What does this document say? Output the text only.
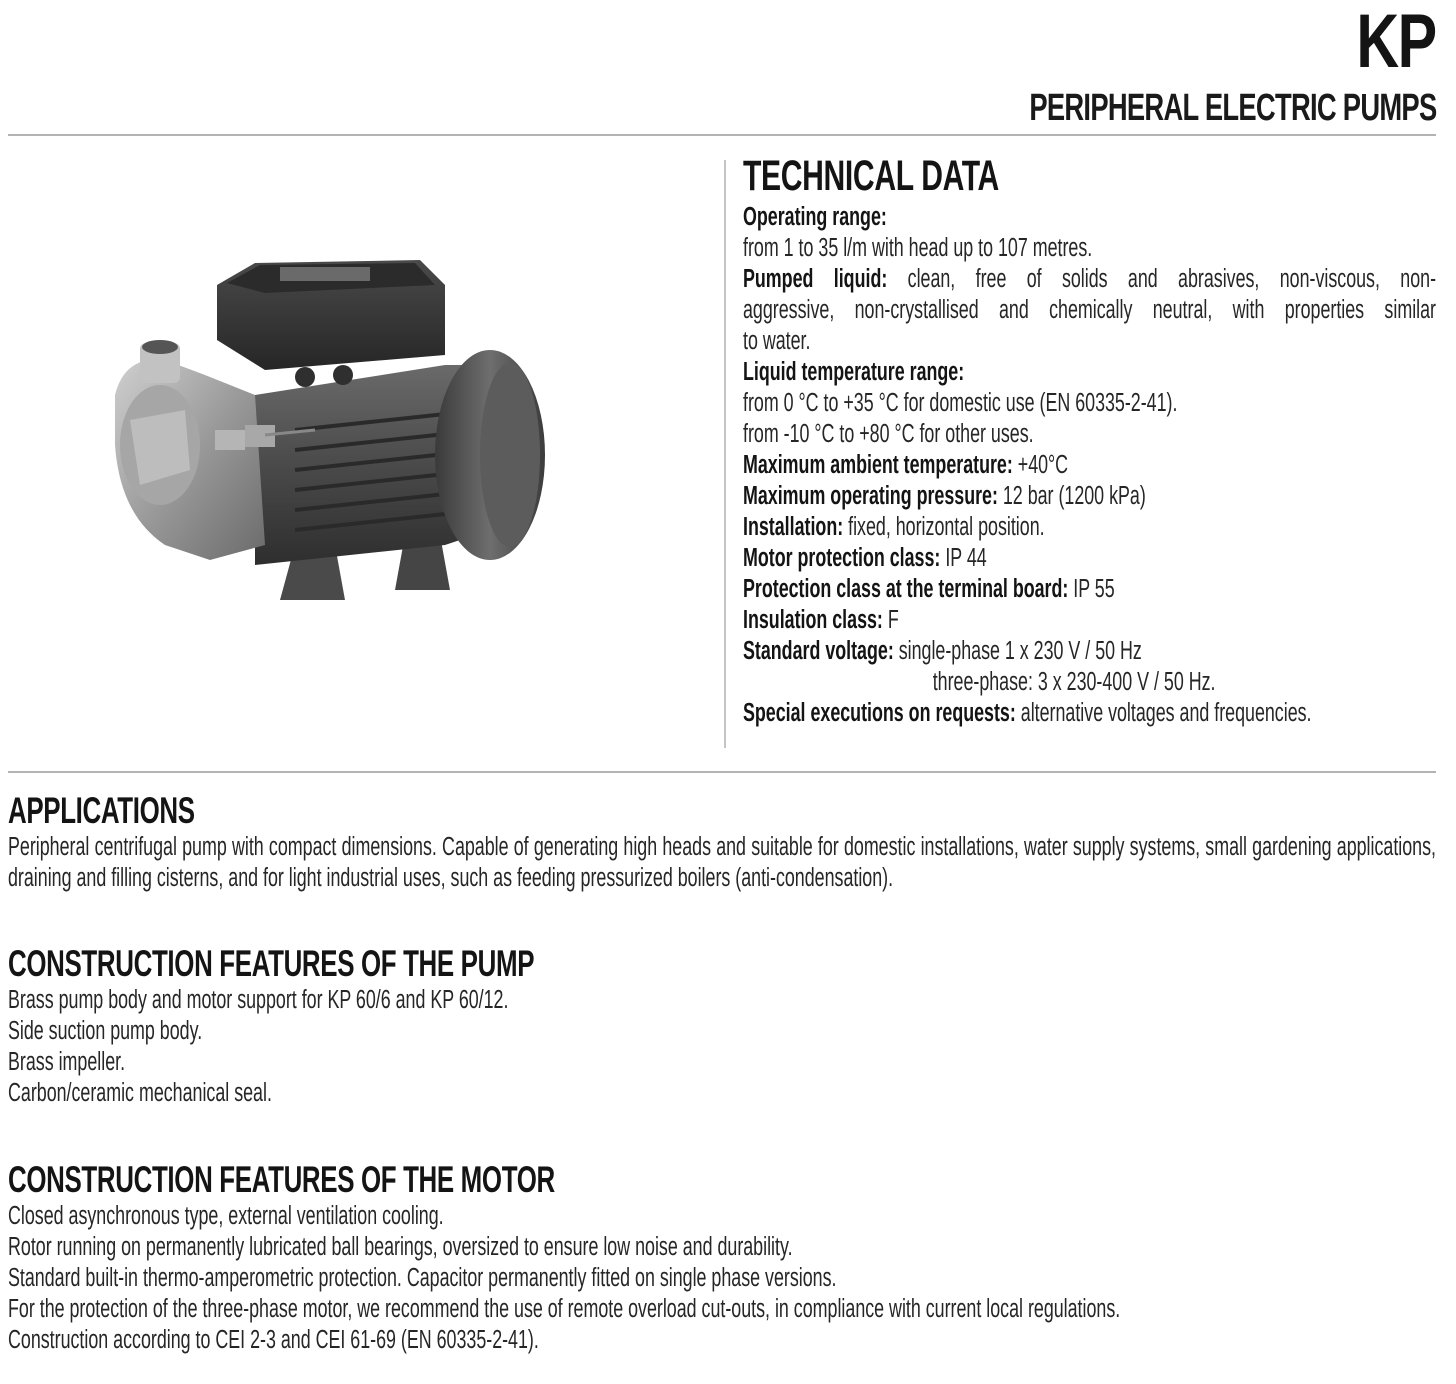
KP
PERIPHERAL ELECTRIC PUMPS
TECHNICAL DATA
Operating range:
from 1 to 35 l/m with head up to 107 metres.
Pumped liquid: clean, free of solids and abrasives, non-viscous, non-
aggressive, non-crystallised and chemically neutral, with properties similar
to water.
Liquid temperature range:
from 0 °C to +35 °C for domestic use (EN 60335-2-41).
from -10 °C to +80 °C for other uses.
Maximum ambient temperature: +40°C
Maximum operating pressure: 12 bar (1200 kPa)
Installation: fixed, horizontal position.
Motor protection class: IP 44
Protection class at the terminal board: IP 55
Insulation class: F
Standard voltage: single-phase 1 x 230 V / 50 Hz
three-phase: 3 x 230-400 V / 50 Hz.
Special executions on requests: alternative voltages and frequencies.
APPLICATIONS
Peripheral centrifugal pump with compact dimensions. Capable of generating high heads and suitable for domestic installations, water supply systems, small gardening applications, draining and filling cisterns, and for light industrial uses, such as feeding pressurized boilers (anti-condensation).
CONSTRUCTION FEATURES OF THE PUMP
Brass pump body and motor support for KP 60/6 and KP 60/12.
Side suction pump body.
Brass impeller.
Carbon/ceramic mechanical seal.
CONSTRUCTION FEATURES OF THE MOTOR
Closed asynchronous type, external ventilation cooling.
Rotor running on permanently lubricated ball bearings, oversized to ensure low noise and durability.
Standard built-in thermo-amperometric protection. Capacitor permanently fitted on single phase versions.
For the protection of the three-phase motor, we recommend the use of remote overload cut-outs, in compliance with current local regulations.
Construction according to CEI 2-3 and CEI 61-69 (EN 60335-2-41).
